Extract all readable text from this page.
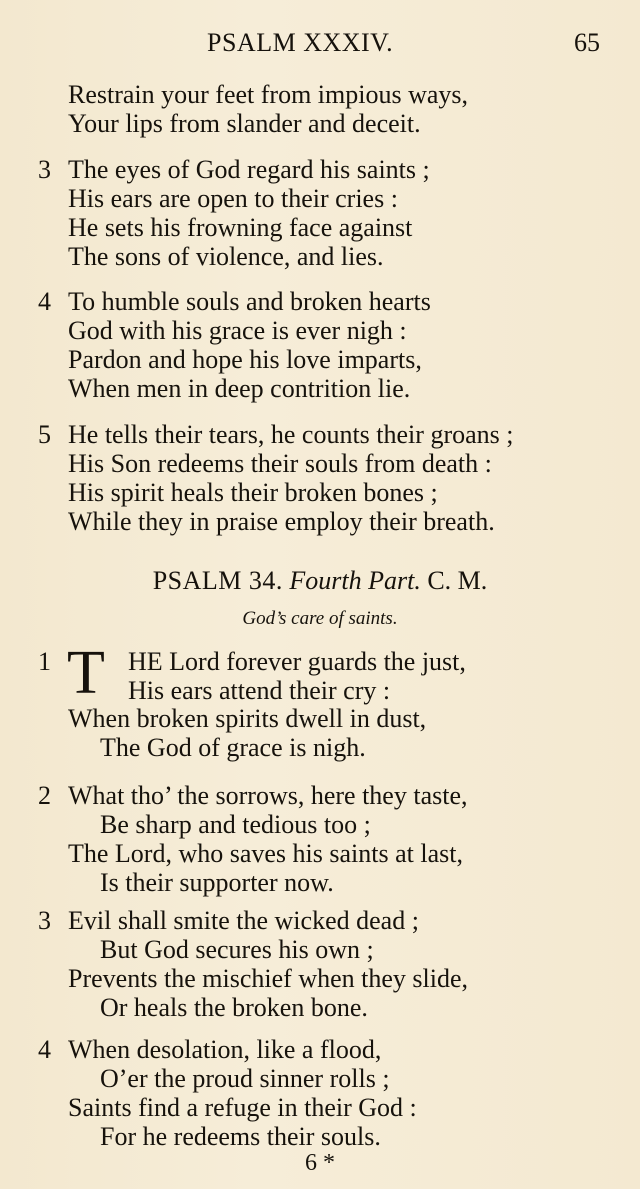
PSALM XXXIV.	65
Restrain your feet from impious ways,
Your lips from slander and deceit.
3 The eyes of God regard his saints ;
His ears are open to their cries :
He sets his frowning face against
The sons of violence, and lies.
4 To humble souls and broken hearts
God with his grace is ever nigh :
Pardon and hope his love imparts,
When men in deep contrition lie.
5 He tells their tears, he counts their groans ;
His Son redeems their souls from death :
His spirit heals their broken bones ;
While they in praise employ their breath.
PSALM 34. Fourth Part. C. M.
God’s care of saints.
1 T HE Lord forever guards the just,
His ears attend their cry :
When broken spirits dwell in dust,
The God of grace is nigh.
2 What tho’ the sorrows, here they taste,
Be sharp and tedious too ;
The Lord, who saves his saints at last,
Is their supporter now.
3 Evil shall smite the wicked dead ;
But God secures his own ;
Prevents the mischief when they slide,
Or heals the broken bone.
4 When desolation, like a flood,
O’er the proud sinner rolls ;
Saints find a refuge in their God :
For he redeems their souls.
6 *
